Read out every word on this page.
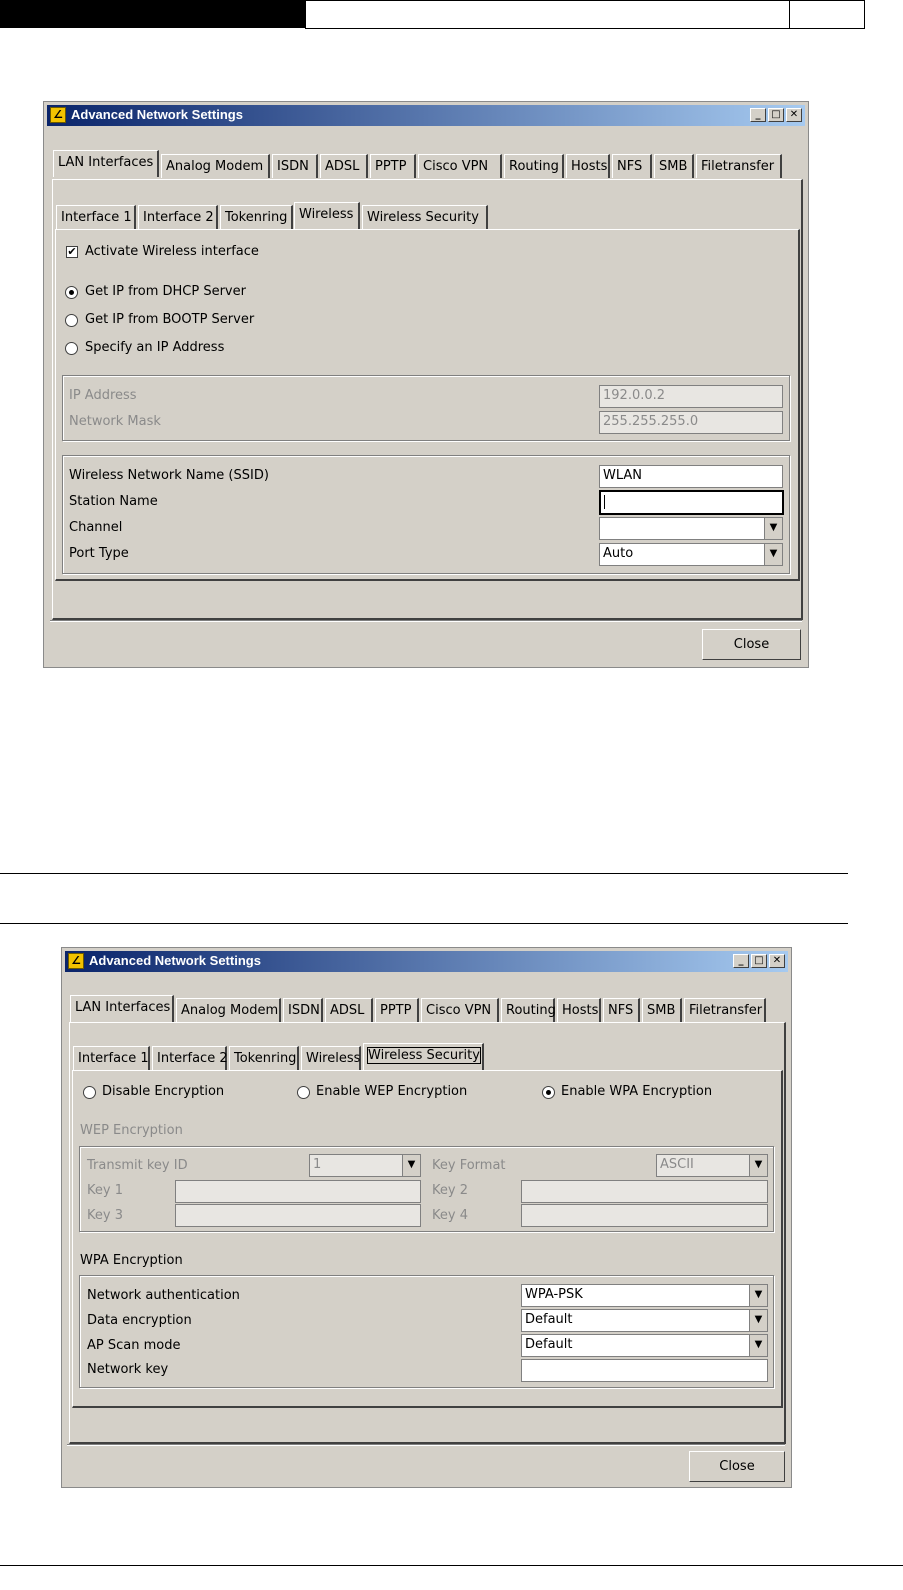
∠ Advanced Network Settings	_	□ ✕
LAN Interfaces Analog Modem	ISDN	ADSL	PPTP	Cisco VPN	Routing Hosts NFS	SMB	Filetransfer
Interface 1 Interface 2 Tokenring Wireless	Wireless Security
✔ Activate Wireless interface
Get IP from DHCP Server
Get IP from BOOTP Server
Specify an IP Address
IP Address	192.0.0.2
Network Mask	255.255.255.0
Wireless Network Name (SSID)	WLAN
Station Name
Channel	▼
Port Type	Auto	▼
Close
∠ Advanced Network Settings	_	□ ✕
LAN Interfaces Analog Modem ISDN ADSL	PPTP	Cisco VPN	Routing Hosts NFS	SMB	Filetransfer
Interface 1 Interface 2 Tokenring Wireless Wireless Security
Disable Encryption	Enable WEP Encryption	Enable WPA Encryption
WEP Encryption
Transmit key ID	1	▼	Key Format	ASCII	▼
Key 1	Key 2
Key 3	Key 4
WPA Encryption
Network authentication	WPA-PSK	▼
Data encryption	Default	▼
AP Scan mode	Default	▼
Network key
Close
